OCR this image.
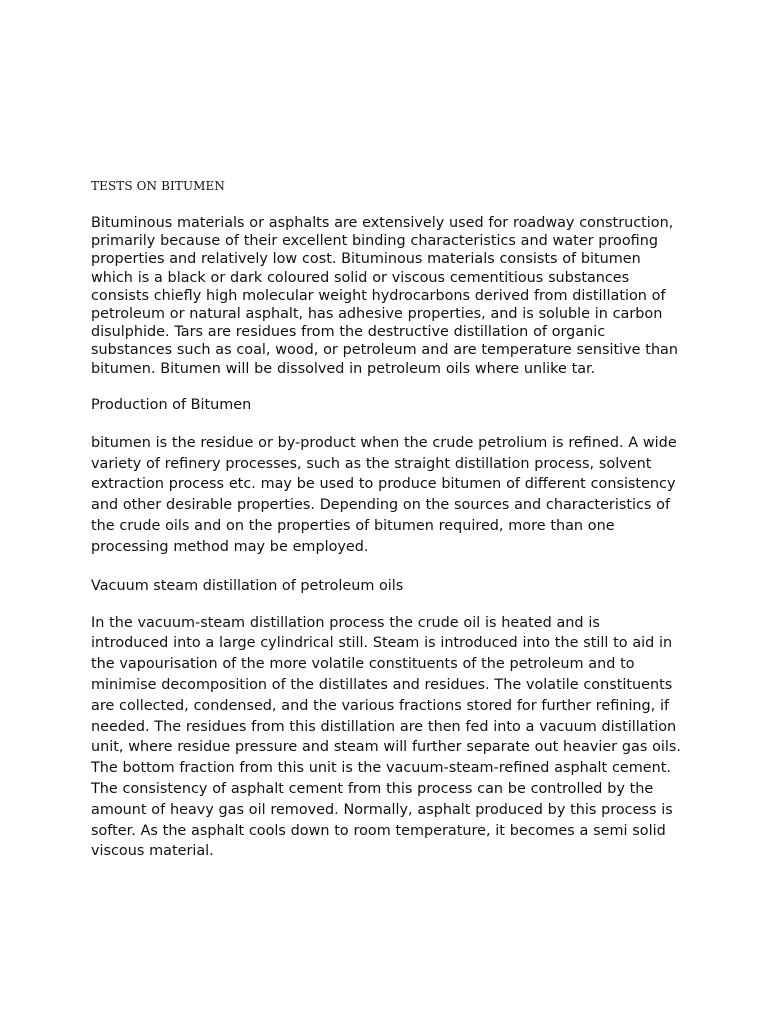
TESTS ON BITUMEN

Bituminous materials or asphalts are extensively used for roadway construction, primarily because of their excellent binding characteristics and water proofing properties and relatively low cost. Bituminous materials consists of bitumen which is a black or dark coloured solid or viscous cementitious substances consists chiefly high molecular weight hydrocarbons derived from distillation of petroleum or natural asphalt, has adhesive properties, and is soluble in carbon disulphide. Tars are residues from the destructive distillation of organic substances such as coal, wood, or petroleum and are temperature sensitive than bitumen. Bitumen will be dissolved in petroleum oils where unlike tar.

Production of Bitumen

bitumen is the residue or by-product when the crude petrolium is refined. A wide variety of refinery processes, such as the straight distillation process, solvent extraction process etc. may be used to produce bitumen of different consistency and other desirable properties. Depending on the sources and characteristics of the crude oils and on the properties of bitumen required, more than one processing method may be employed.

Vacuum steam distillation of petroleum oils

In the vacuum-steam distillation process the crude oil is heated and is introduced into a large cylindrical still. Steam is introduced into the still to aid in the vapourisation of the more volatile constituents of the petroleum and to minimise decomposition of the distillates and residues. The volatile constituents are collected, condensed, and the various fractions stored for further refining, if needed. The residues from this distillation are then fed into a vacuum distillation unit, where residue pressure and steam will further separate out heavier gas oils. The bottom fraction from this unit is the vacuum-steam-refined asphalt cement. The consistency of asphalt cement from this process can be controlled by the amount of heavy gas oil removed. Normally, asphalt produced by this process is softer. As the asphalt cools down to room temperature, it becomes a semi solid viscous material.
